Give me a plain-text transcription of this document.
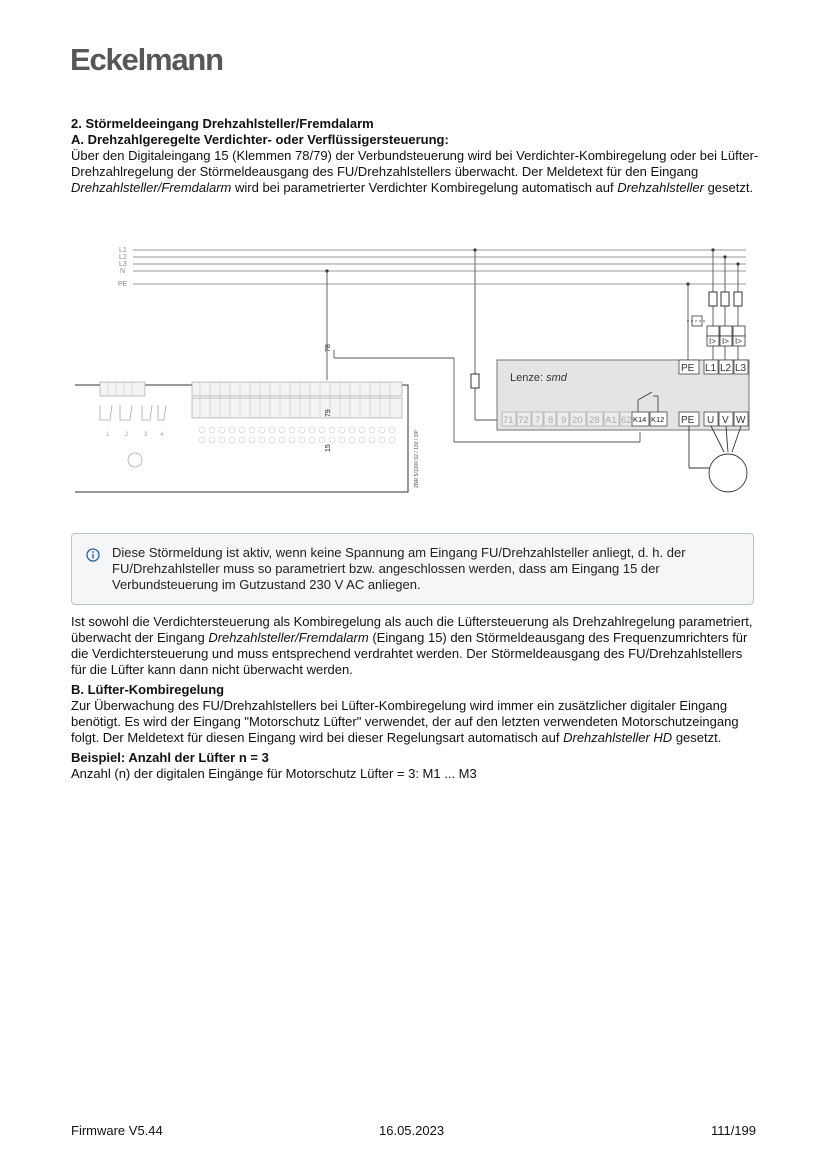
Eckelmann

2. Störmeldeeingang Drehzahlsteller/Fremdalarm

A. Drehzahlgeregelte Verdichter- oder Verflüssigersteuerung:

Über den Digitaleingang 15 (Klemmen 78/79) der Verbundsteuerung wird bei Verdichter-Kombiregelung oder bei Lüfter-Drehzahlregelung der Störmeldeausgang des FU/Drehzahlstellers überwacht. Der Meldetext für den Eingang Drehzahlsteller/Fremdalarm wird bei parametrierter Verdichter Kombiregelung automatisch auf Drehzahlsteller gesetzt.

L1
L2
L3
N
PE
I> I> I>
Lenze: smd
PE L1 L2 L3
71 72 7 8 9 20 28 A1 62 K14 K12 PE U V W
1	2	3 4
78
79
15	ZNR 5/1000 92 / 130 / OP
Diese Störmeldung ist aktiv, wenn keine Spannung am Eingang FU/Drehzahlsteller anliegt, d. h. der FU/Drehzahlsteller muss so parametriert bzw. angeschlossen werden, dass am Eingang 15 der Verbundsteuerung im Gutzustand 230 V AC anliegen.

Ist sowohl die Verdichtersteuerung als Kombiregelung als auch die Lüftersteuerung als Drehzahlregelung parametriert, überwacht der Eingang Drehzahlsteller/Fremdalarm (Eingang 15) den Störmeldeausgang des Frequenzumrichters für die Verdichtersteuerung und muss entsprechend verdrahtet werden. Der Störmeldeausgang des FU/Drehzahlstellers für die Lüfter kann dann nicht überwacht werden.

B. Lüfter-Kombiregelung

Zur Überwachung des FU/Drehzahlstellers bei Lüfter-Kombiregelung wird immer ein zusätzlicher digitaler Eingang benötigt. Es wird der Eingang "Motorschutz Lüfter" verwendet, der auf den letzten verwendeten Motorschutzeingang folgt. Der Meldetext für diesen Eingang wird bei dieser Regelungsart automatisch auf Drehzahlsteller HD gesetzt.

Beispiel: Anzahl der Lüfter n = 3

Anzahl (n) der digitalen Eingänge für Motorschutz Lüfter = 3: M1 ... M3

Firmware V5.44	16.05.2023	111/199
